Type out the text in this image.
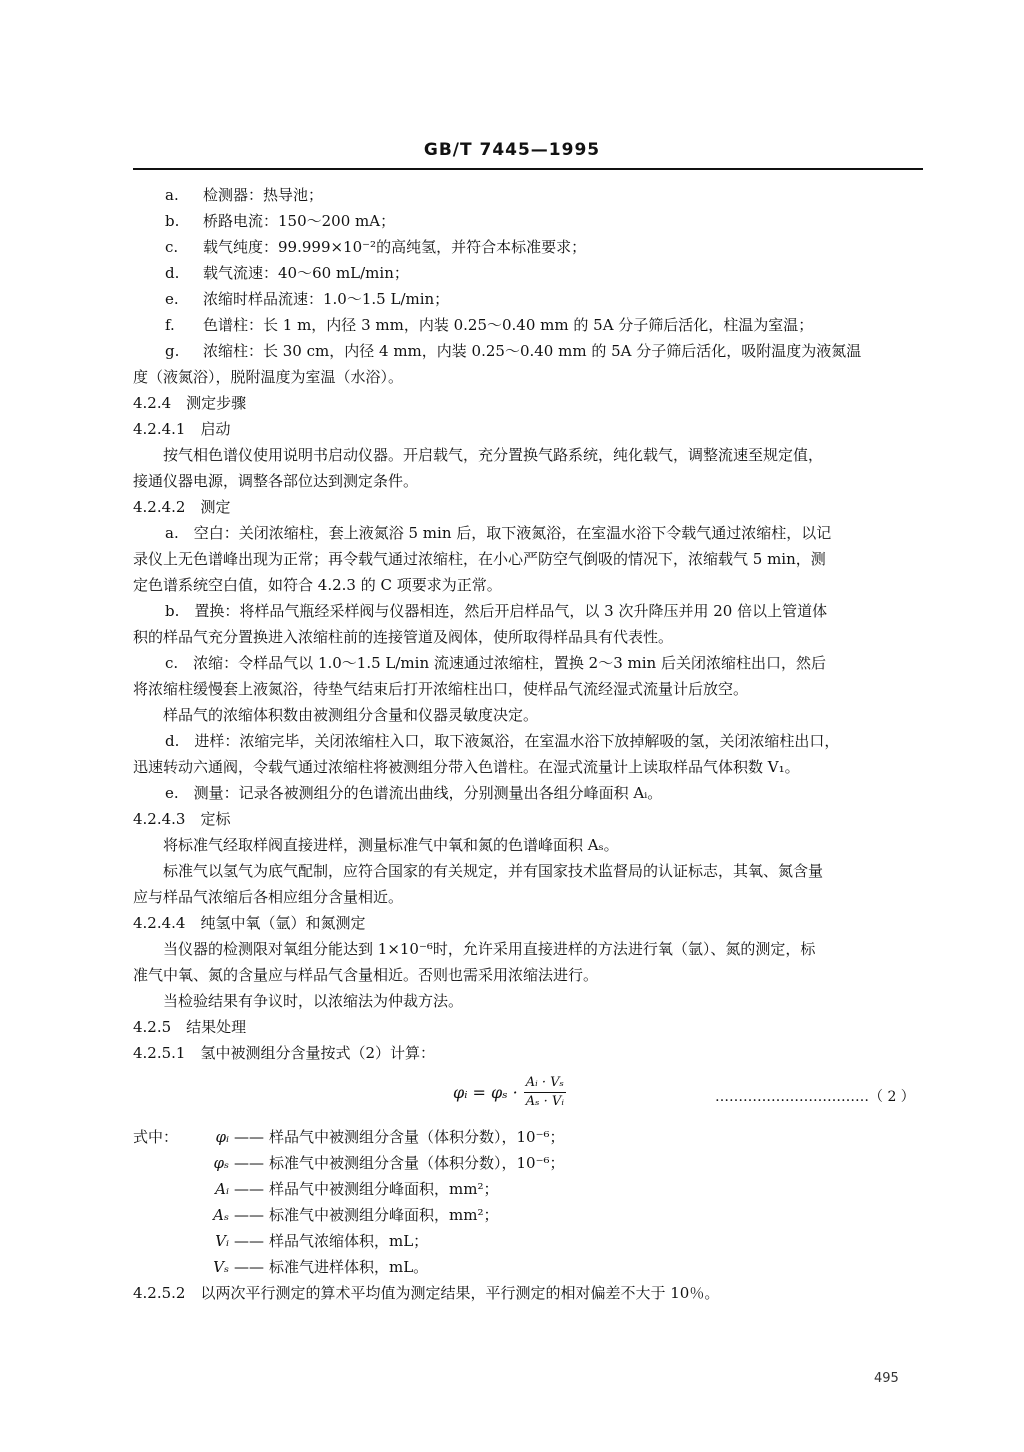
GB/T 7445—1995
a.	检测器：热导池；
b.	桥路电流：150～200 mA；
c.	载气纯度：99.999×10⁻²的高纯氢，并符合本标准要求；
d.	载气流速：40～60 mL/min；
e.	浓缩时样品流速：1.0～1.5 L/min；
f.	色谱柱：长 1 m，内径 3 mm，内装 0.25～0.40 mm 的 5A 分子筛后活化，柱温为室温；
g.	浓缩柱：长 30 cm，内径 4 mm，内装 0.25～0.40 mm 的 5A 分子筛后活化，吸附温度为液氮温
度（液氮浴），脱附温度为室温（水浴）。
4.2.4　测定步骤
4.2.4.1　启动
按气相色谱仪使用说明书启动仪器。开启载气，充分置换气路系统，纯化载气，调整流速至规定值，
接通仪器电源，调整各部位达到测定条件。
4.2.4.2　测定
a.　空白：关闭浓缩柱，套上液氮浴 5 min 后，取下液氮浴，在室温水浴下令载气通过浓缩柱，以记
录仪上无色谱峰出现为正常；再令载气通过浓缩柱，在小心严防空气倒吸的情况下，浓缩载气 5 min，测
定色谱系统空白值，如符合 4.2.3 的 C 项要求为正常。
b.　置换：将样品气瓶经采样阀与仪器相连，然后开启样品气，以 3 次升降压并用 20 倍以上管道体
积的样品气充分置换进入浓缩柱前的连接管道及阀体，使所取得样品具有代表性。
c.　浓缩：令样品气以 1.0～1.5 L/min 流速通过浓缩柱，置换 2～3 min 后关闭浓缩柱出口，然后
将浓缩柱缓慢套上液氮浴，待垫气结束后打开浓缩柱出口，使样品气流经湿式流量计后放空。
样品气的浓缩体积数由被测组分含量和仪器灵敏度决定。
d.　进样：浓缩完毕，关闭浓缩柱入口，取下液氮浴，在室温水浴下放掉解吸的氢，关闭浓缩柱出口，
迅速转动六通阀，令载气通过浓缩柱将被测组分带入色谱柱。在湿式流量计上读取样品气体积数 V₁。
e.　测量：记录各被测组分的色谱流出曲线，分别测量出各组分峰面积 Aᵢ。
4.2.4.3　定标
将标准气经取样阀直接进样，测量标准气中氧和氮的色谱峰面积 Aₛ。
标准气以氢气为底气配制，应符合国家的有关规定，并有国家技术监督局的认证标志，其氧、氮含量
应与样品气浓缩后各相应组分含量相近。
4.2.4.4　纯氢中氧（氩）和氮测定
当仪器的检测限对氧组分能达到 1×10⁻⁶时，允许采用直接进样的方法进行氧（氩）、氮的测定，标
准气中氧、氮的含量应与样品气含量相近。否则也需采用浓缩法进行。
当检验结果有争议时，以浓缩法为仲裁方法。
4.2.5　结果处理
4.2.5.1　氢中被测组分含量按式（2）计算：
φᵢ = $\varphi_s \cdot \frac{\text{Aᵢ · Vₛ}}{\text{Aₛ · Vᵢ}}$	……………………………（ 2 ）
式中： φᵢ —— 样品气中被测组分含量（体积分数），10⁻⁶；
φₛ —— 标准气中被测组分含量（体积分数），10⁻⁶；
Aᵢ —— 样品气中被测组分峰面积，mm²；
Aₛ —— 标准气中被测组分峰面积，mm²；
Vᵢ —— 样品气浓缩体积，mL；
Vₛ —— 标准气进样体积，mL。
4.2.5.2　以两次平行测定的算术平均值为测定结果，平行测定的相对偏差不大于 10％。
495
